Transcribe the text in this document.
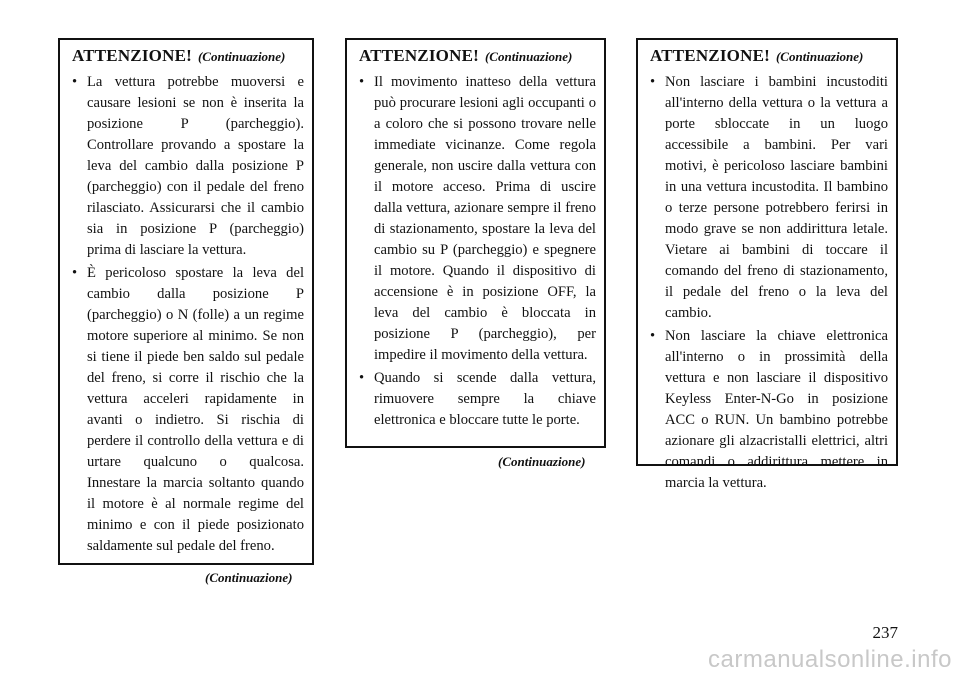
ATTENZIONE! (Continuazione)
• La vettura potrebbe muoversi e causare lesioni se non è inserita la posizione P (parcheggio). Controllare provando a spostare la leva del cambio dalla posizione P (parcheggio) con il pedale del freno rilasciato. Assicurarsi che il cambio sia in posizione P (parcheggio) prima di lasciare la vettura.
• È pericoloso spostare la leva del cambio dalla posizione P (parcheggio) o N (folle) a un regime motore superiore al minimo. Se non si tiene il piede ben saldo sul pedale del freno, si corre il rischio che la vettura acceleri rapidamente in avanti o indietro. Si rischia di perdere il controllo della vettura e di urtare qualcuno o qualcosa. Innestare la marcia soltanto quando il motore è al normale regime del minimo e con il piede posizionato saldamente sul pedale del freno.
(Continuazione)
ATTENZIONE! (Continuazione)
• Il movimento inatteso della vettura può procurare lesioni agli occupanti o a coloro che si possono trovare nelle immediate vicinanze. Come regola generale, non uscire dalla vettura con il motore acceso. Prima di uscire dalla vettura, azionare sempre il freno di stazionamento, spostare la leva del cambio su P (parcheggio) e spegnere il motore. Quando il dispositivo di accensione è in posizione OFF, la leva del cambio è bloccata in posizione P (parcheggio), per impedire il movimento della vettura.
• Quando si scende dalla vettura, rimuovere sempre la chiave elettronica e bloccare tutte le porte.
(Continuazione)
ATTENZIONE! (Continuazione)
• Non lasciare i bambini incustoditi all'interno della vettura o la vettura a porte sbloccate in un luogo accessibile a bambini. Per vari motivi, è pericoloso lasciare bambini in una vettura incustodita. Il bambino o terze persone potrebbero ferirsi in modo grave se non addirittura letale. Vietare ai bambini di toccare il comando del freno di stazionamento, il pedale del freno o la leva del cambio.
• Non lasciare la chiave elettronica all'interno o in prossimità della vettura e non lasciare il dispositivo Keyless Enter-N-Go in posizione ACC o RUN. Un bambino potrebbe azionare gli alzacristalli elettrici, altri comandi o addirittura mettere in marcia la vettura.
237
carmanualsonline.info
